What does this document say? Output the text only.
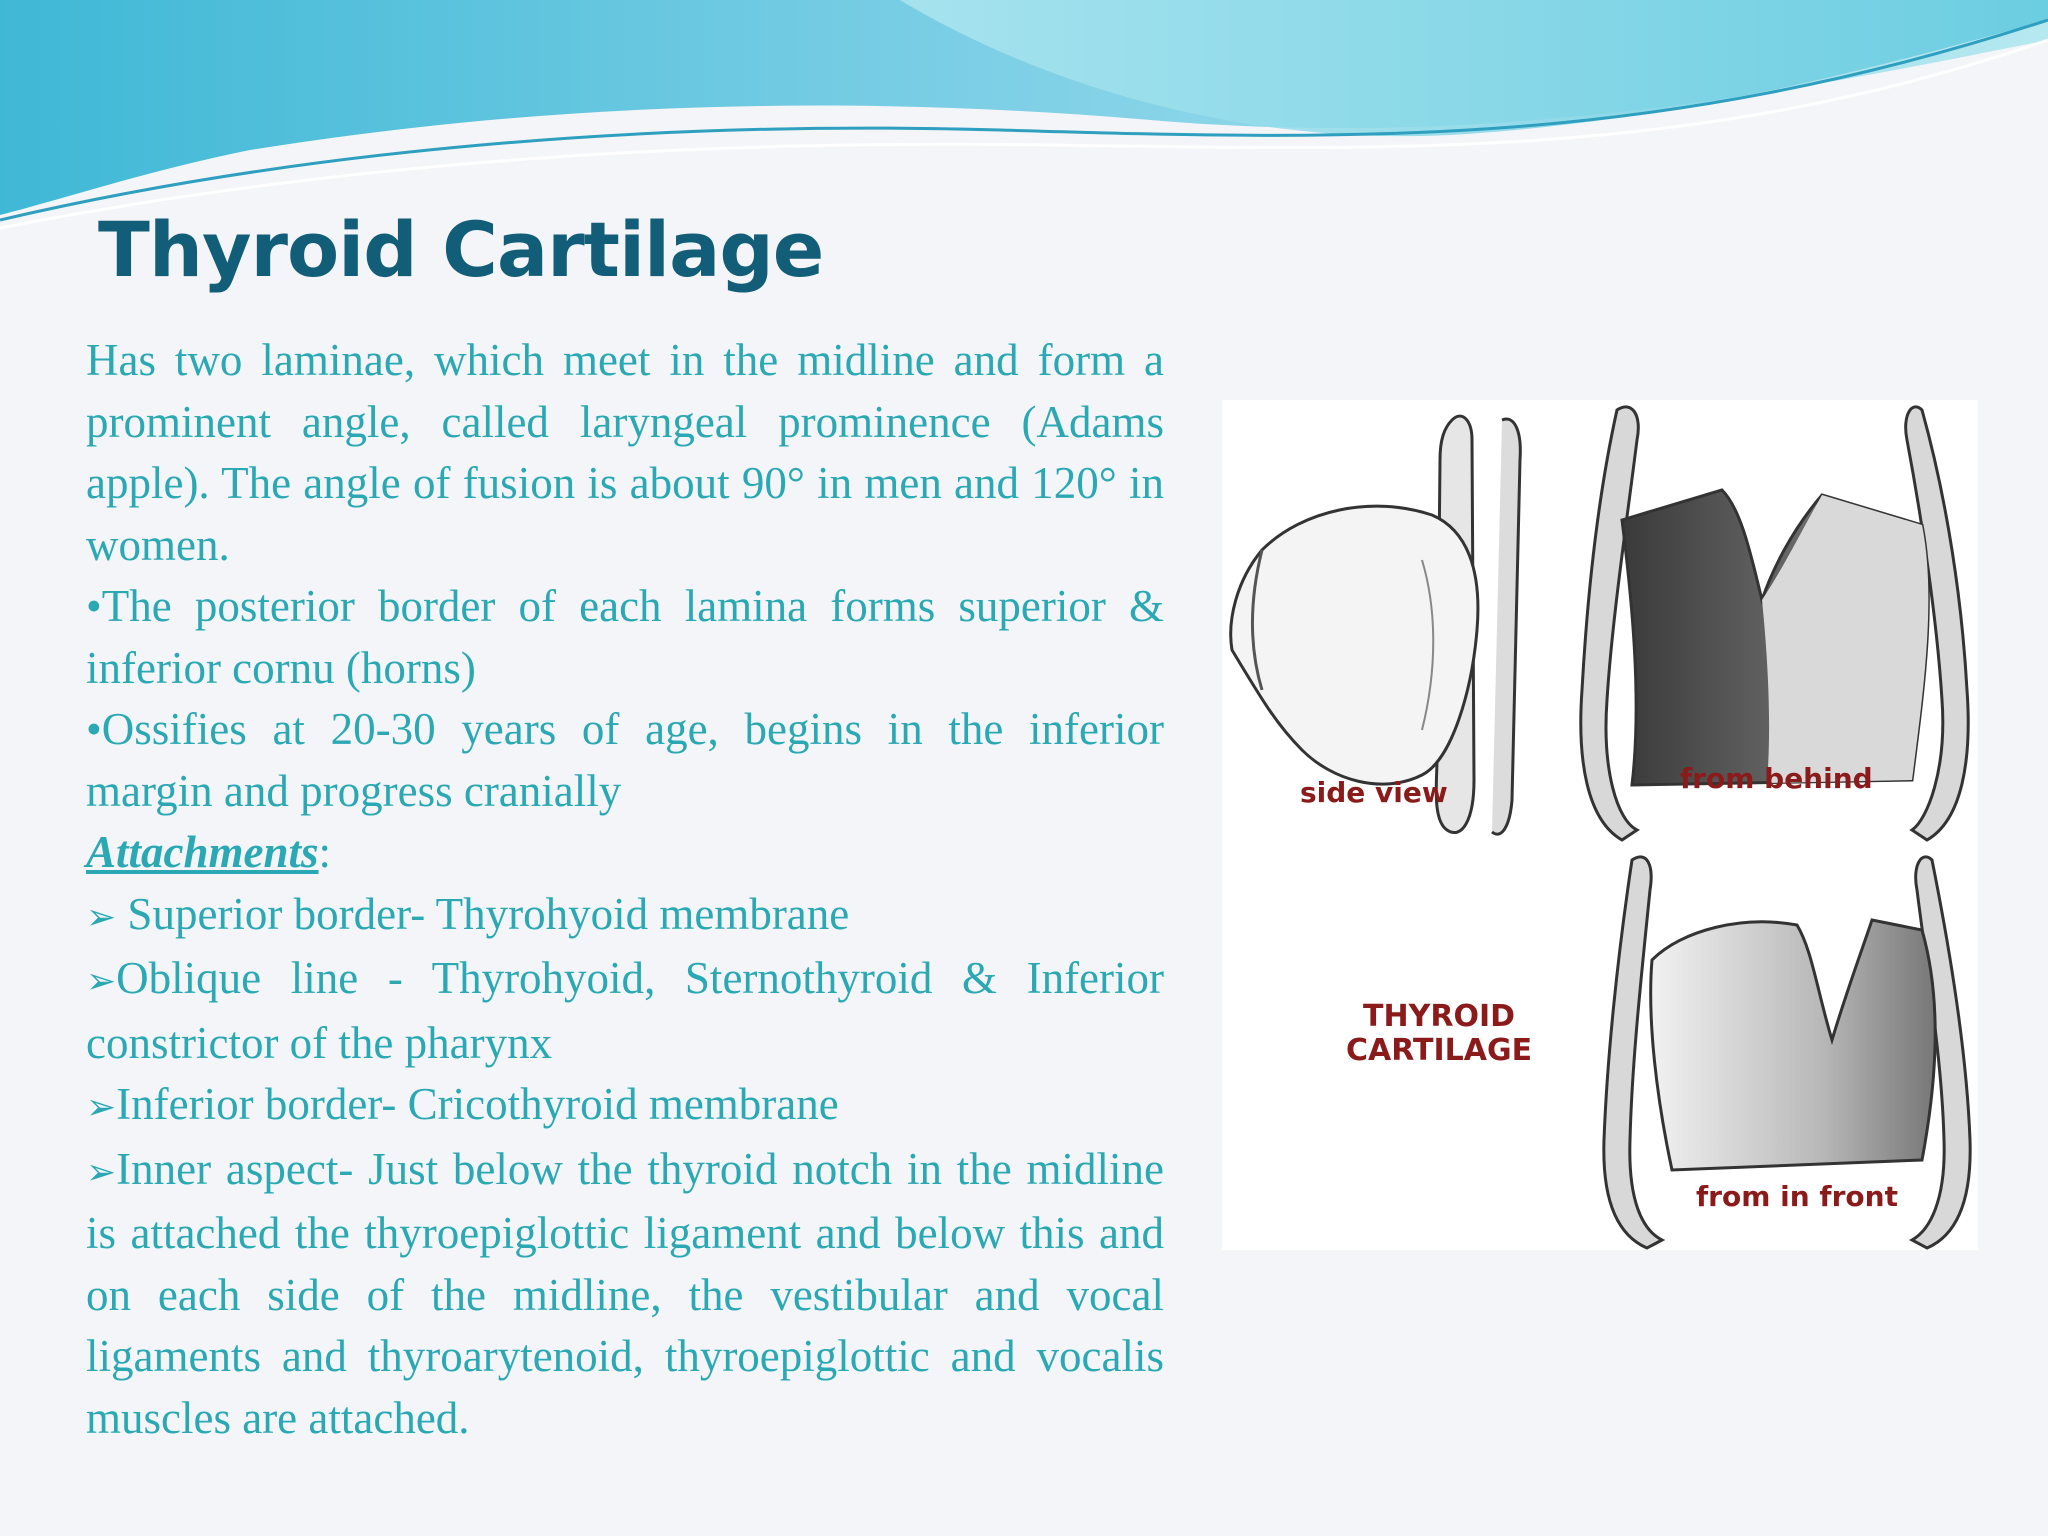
Thyroid Cartilage

Has two laminae, which meet in the midline and form a prominent angle, called laryngeal prominence (Adams apple). The angle of fusion is about 90° in men and 120° in women.

•The posterior border of each lamina forms superior & inferior cornu (horns)

•Ossifies at 20-30 years of age, begins in the inferior margin and progress cranially

Attachments:

➢ Superior border- Thyrohyoid membrane

➢Oblique line - Thyrohyoid, Sternothyroid & Inferior constrictor of the pharynx

➢Inferior border- Cricothyroid membrane

➢Inner aspect- Just below the thyroid notch in the midline is attached the thyroepiglottic ligament and below this and on each side of the midline, the vestibular and vocal ligaments and thyroarytenoid, thyroepiglottic and vocalis muscles are attached.

side view	from behind
from in front
THYROID
CARTILAGE
